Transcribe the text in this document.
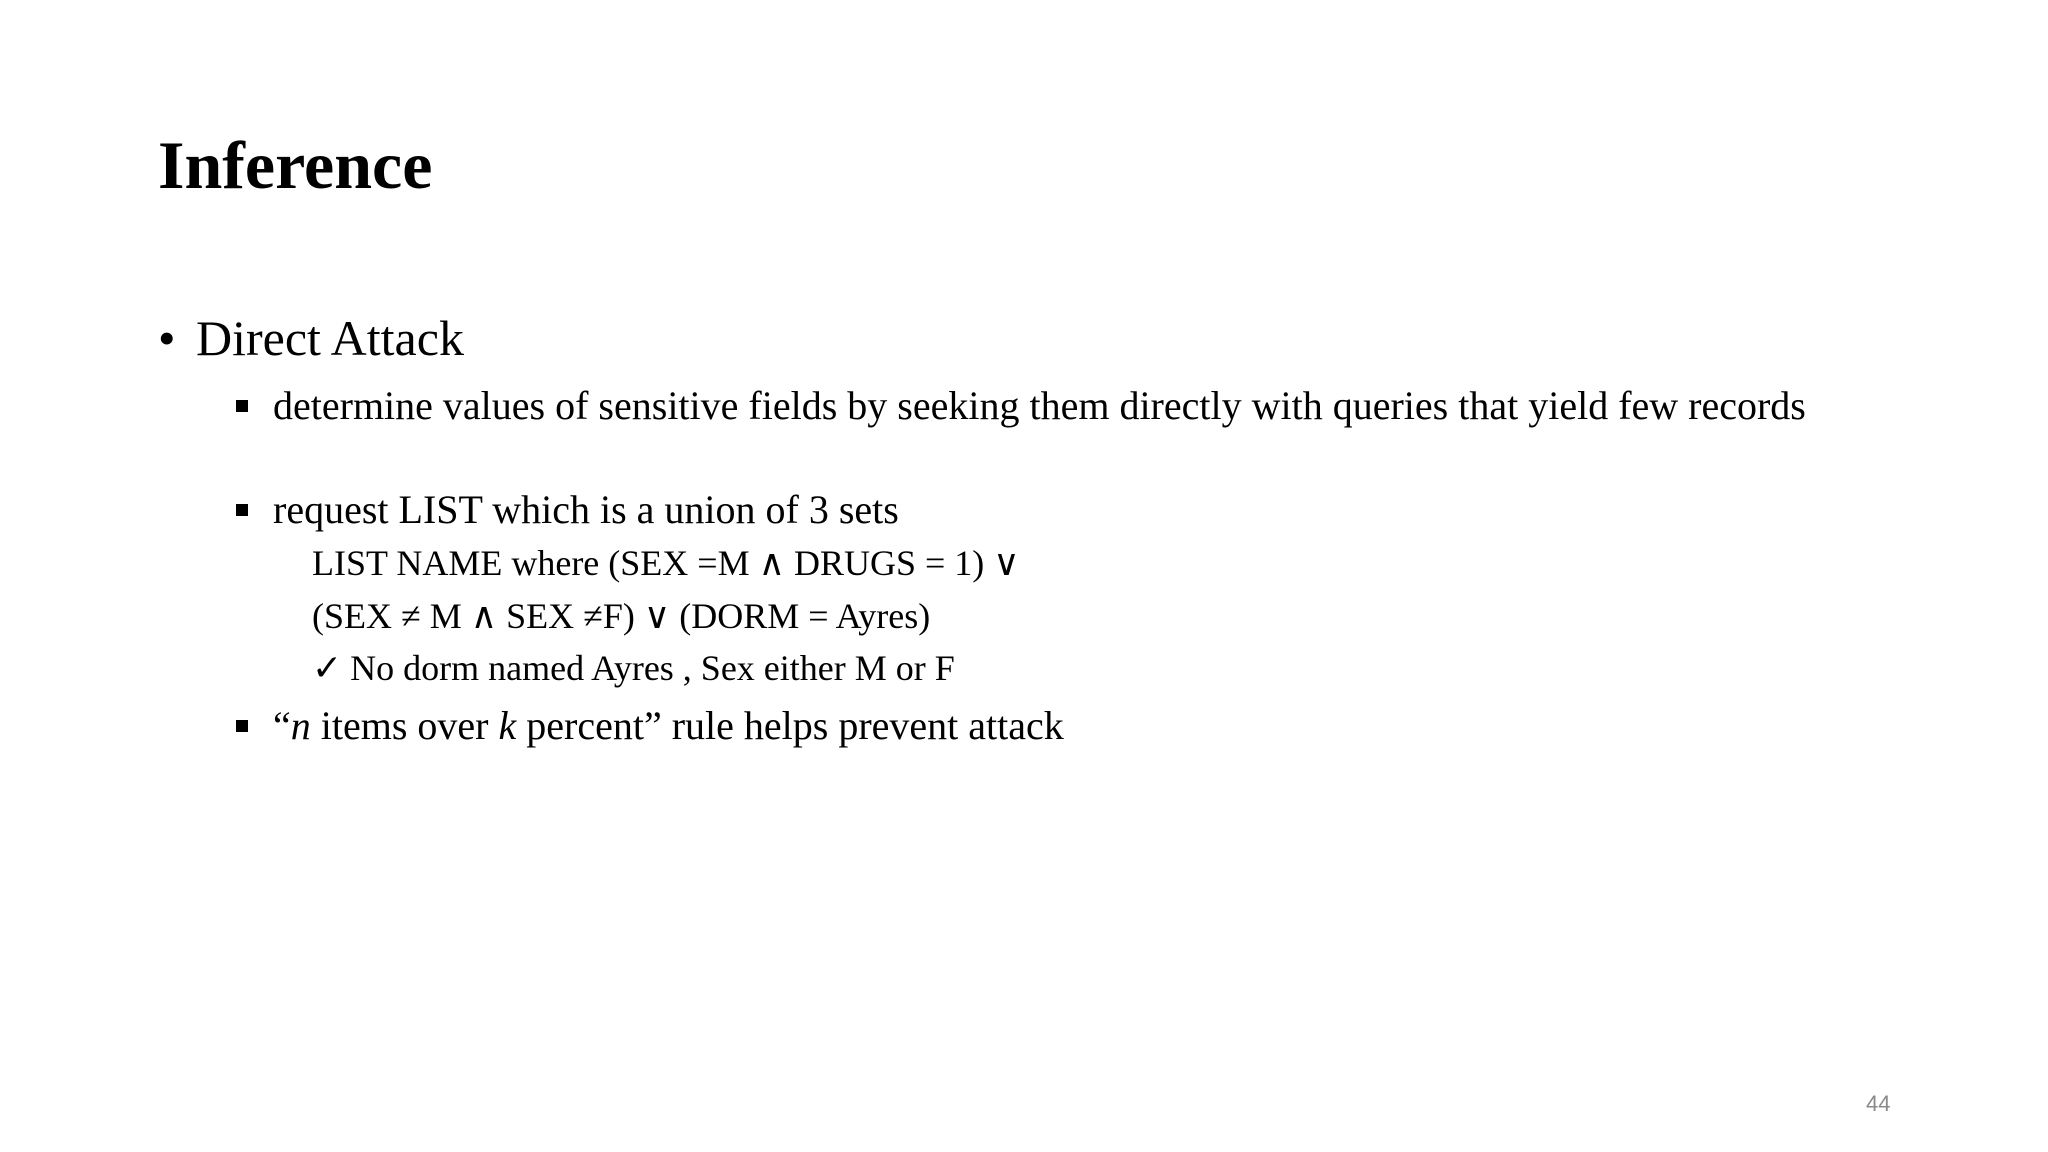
Inference
• Direct Attack
determine values of sensitive fields by seeking them directly with queries that yield few records
request LIST which is a union of 3 sets
LIST NAME where (SEX =M ∧ DRUGS = 1) ∨
(SEX ≠ M ∧ SEX ≠F) ∨ (DORM = Ayres)
✓ No dorm named Ayres , Sex either M or F
“n items over k percent” rule helps prevent attack
44
